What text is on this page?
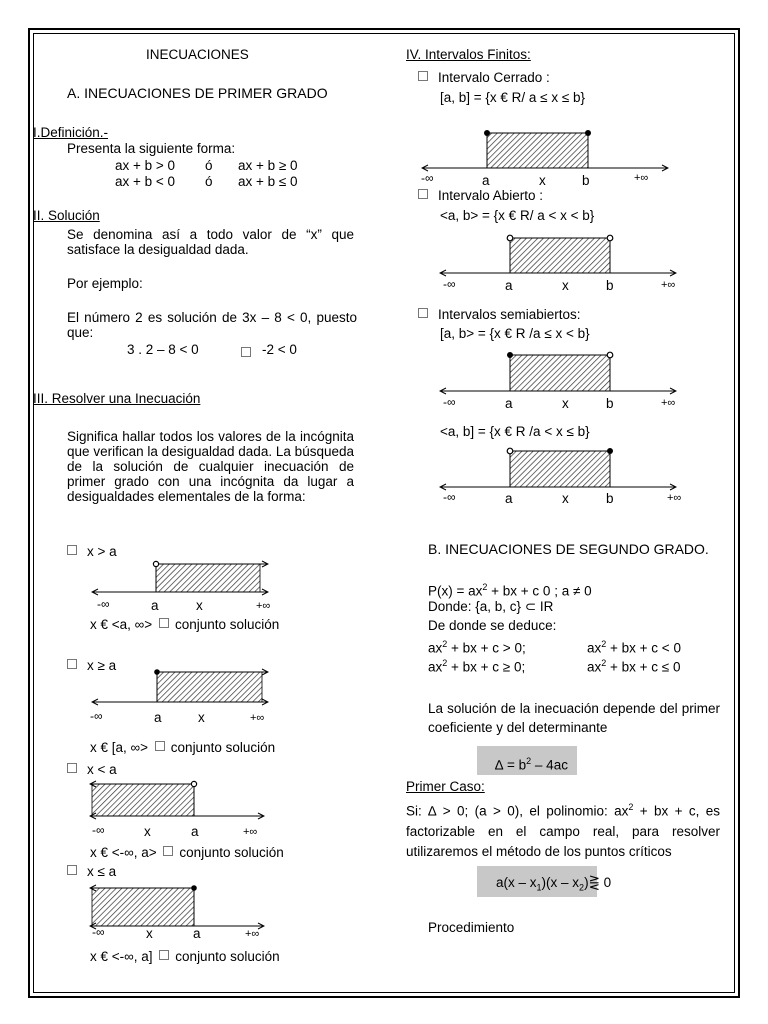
INECUACIONES
A. INECUACIONES DE PRIMER GRADO
I.Definición.-
Presenta la siguiente forma:
ax + b > 0 ó ax + b ≥ 0
ax + b < 0 ó ax + b ≤ 0
II. Solución
Se denomina así a todo valor de “x” que satisface la desigualdad dada.
Por ejemplo:
El número 2 es solución de 3x – 8 < 0, puesto que:
3 . 2 – 8 < 0	-2 < 0
III. Resolver una Inecuación
Significa hallar todos los valores de la incógnita que verifican la desigualdad dada. La búsqueda de la solución de cualquier inecuación de primer grado con una incógnita da lugar a desigualdades elementales de la forma:
x > a
-∞	a	x	+∞
x € <a, ∞> conjunto solución
x ≥ a
-∞	a	x	+∞
x € [a, ∞> conjunto solución
x < a
-∞	x	a	+∞
x € <-∞, a> conjunto solución
x ≤ a
-∞	x	a	+∞
x € <-∞, a] conjunto solución
IV. Intervalos Finitos:
Intervalo Cerrado :
[a, b] = {x € R/ a ≤ x ≤ b}
-∞	a	x	b	+∞
Intervalo Abierto :
<a, b> = {x € R/ a < x < b}
-∞	a	x	b	+∞
Intervalos semiabiertos:
[a, b> = {x € R /a ≤ x < b}
-∞	a	x	b	+∞
<a, b] = {x € R /a < x ≤ b}
-∞	a	x	b	+∞
B. INECUACIONES DE SEGUNDO GRADO.
$P(x) = ax^2$ + bx + c 0 ; a ≠ 0
Donde: {a, b, c} ⊂ IR
De donde se deduce:
$ax^2$ + bx + c > 0;	$ax^2$ + bx + c < 0
$ax^2$ + bx + c ≥ 0;	$ax^2$ + bx + c ≤ 0
La solución de la inecuación depende del primer coeficiente y del determinante
∆ = $b^2 - 4ac$
Primer Caso:
Si: ∆ > 0; (a > 0), el polinomio: $ax^2$ + bx + c, es factorizable en el campo real, para resolver utilizaremos el método de los puntos críticos
$a(x - x_1)(x$ – $x_2)⋛$ 0
Procedimiento
